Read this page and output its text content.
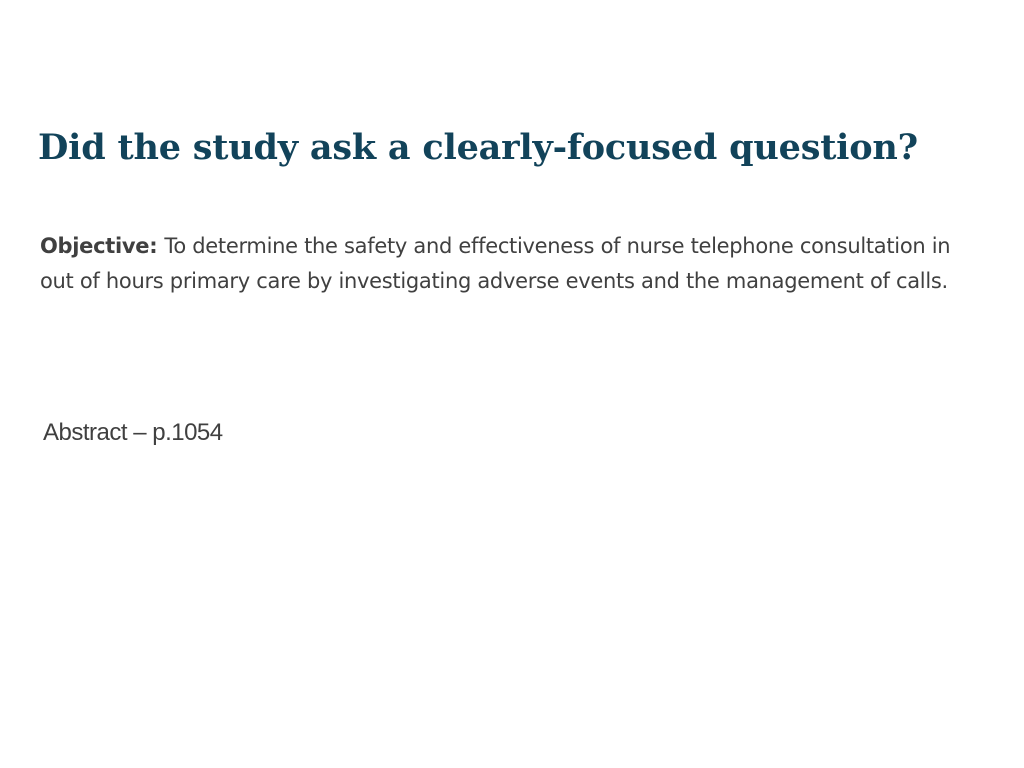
Did the study ask a clearly-focused question?

Objective: To determine the safety and effectiveness of nurse telephone consultation in out of hours primary care by investigating adverse events and the management of calls.

Abstract – p.1054
